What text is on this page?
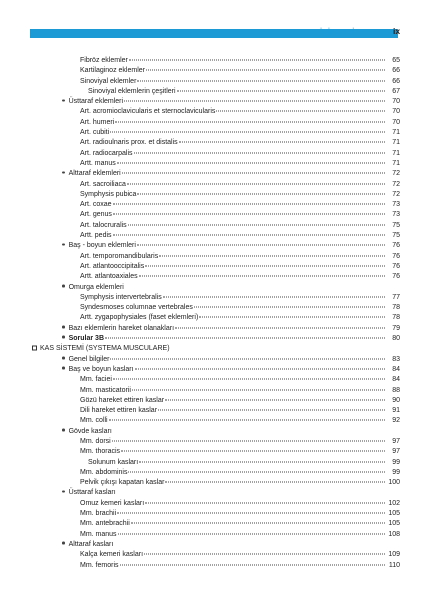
İÇİNDEKİLER	ix
Fibröz eklemler	65
Kartilaginoz eklemler	66
Sinoviyal eklemler	66
Sinoviyal eklemlerin çeşitleri	67
Üsttaraf eklemleri	70
Art. acromioclavicularis et sternoclavicularis	70
Art. humeri	70
Art. cubiti	71
Art. radioulnaris prox. et distalis	71
Art. radiocarpalis	71
Artt. manus	71
Alttaraf eklemleri	72
Art. sacroiliaca	72
Symphysis pubica	72
Art. coxae	73
Art. genus	73
Art. talocruralis	75
Artt. pedis	75
Baş - boyun eklemleri	76
Art. temporomandibularis	76
Art. atlantooccipitalis	76
Artt. atlantoaxiales	76
Omurga eklemleri
Symphysis intervertebralis	77
Syndesmoses columnae vertebrales	78
Artt. zygapophysiales (faset eklemleri)	78
Bazı eklemlerin hareket olanakları	79
Sorular 3B	80
KAS SİSTEMİ (SYSTEMA MUSCULARE)
Genel bilgiler	83
Baş ve boyun kasları	84
Mm. faciei	84
Mm. masticatorii	88
Gözü hareket ettiren kaslar	90
Dili hareket ettiren kaslar	91
Mm. colli	92
Gövde kasları
Mm. dorsi	97
Mm. thoracis	97
Solunum kasları	99
Mm. abdominis	99
Pelvik çıkışı kapatan kaslar	100
Üsttaraf kasları
Omuz kemeri kasları	102
Mm. brachii	105
Mm. antebrachii	105
Mm. manus	108
Alttaraf kasları
Kalça kemeri kasları	109
Mm. femoris	110
